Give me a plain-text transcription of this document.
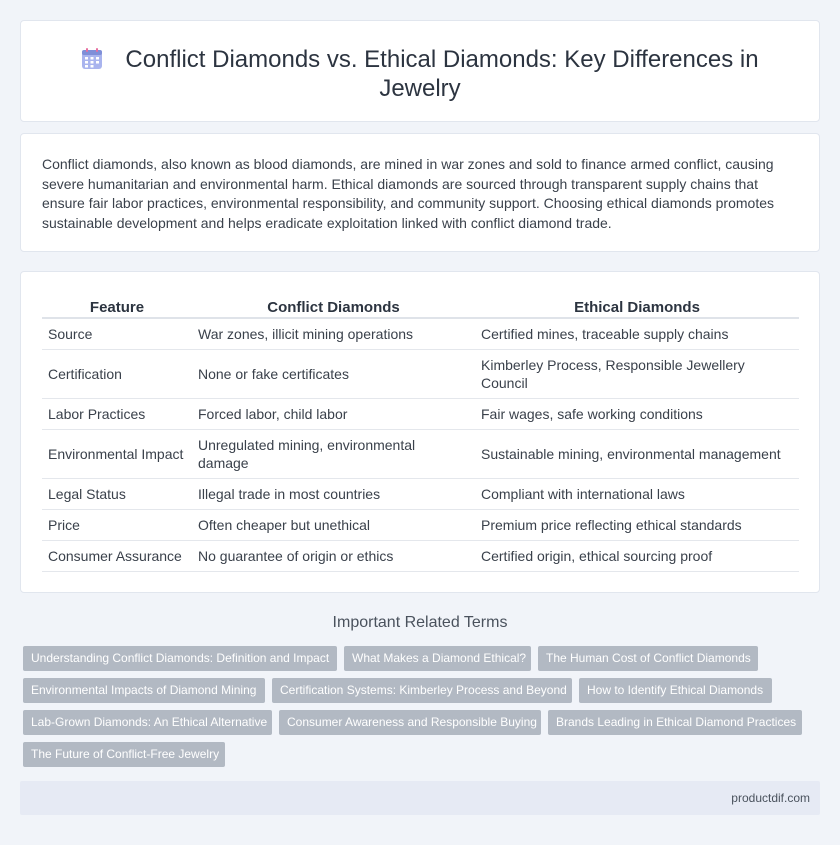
Conflict Diamonds vs. Ethical Diamonds: Key Differences in Jewelry

Conflict diamonds, also known as blood diamonds, are mined in war zones and sold to finance armed conflict, causing severe humanitarian and environmental harm. Ethical diamonds are sourced through transparent supply chains that ensure fair labor practices, environmental responsibility, and community support. Choosing ethical diamonds promotes sustainable development and helps eradicate exploitation linked with conflict diamond trade.

Feature	Conflict Diamonds	Ethical Diamonds
Source	War zones, illicit mining operations	Certified mines, traceable supply chains
Certification	None or fake certificates	Kimberley Process, Responsible Jewellery Council
Labor Practices	Forced labor, child labor	Fair wages, safe working conditions
Environmental Impact	Unregulated mining, environmental damage	Sustainable mining, environmental management
Legal Status	Illegal trade in most countries	Compliant with international laws
Price	Often cheaper but unethical	Premium price reflecting ethical standards
Consumer Assurance	No guarantee of origin or ethics	Certified origin, ethical sourcing proof
Important Related Terms
Understanding Conflict Diamonds: Definition and Impact	What Makes a Diamond Ethical?	The Human Cost of Conflict Diamonds
Environmental Impacts of Diamond Mining	Certification Systems: Kimberley Process and Beyond	How to Identify Ethical Diamonds
Lab-Grown Diamonds: An Ethical Alternative	Consumer Awareness and Responsible Buying	Brands Leading in Ethical Diamond Practices
The Future of Conflict-Free Jewelry
productdif.com
